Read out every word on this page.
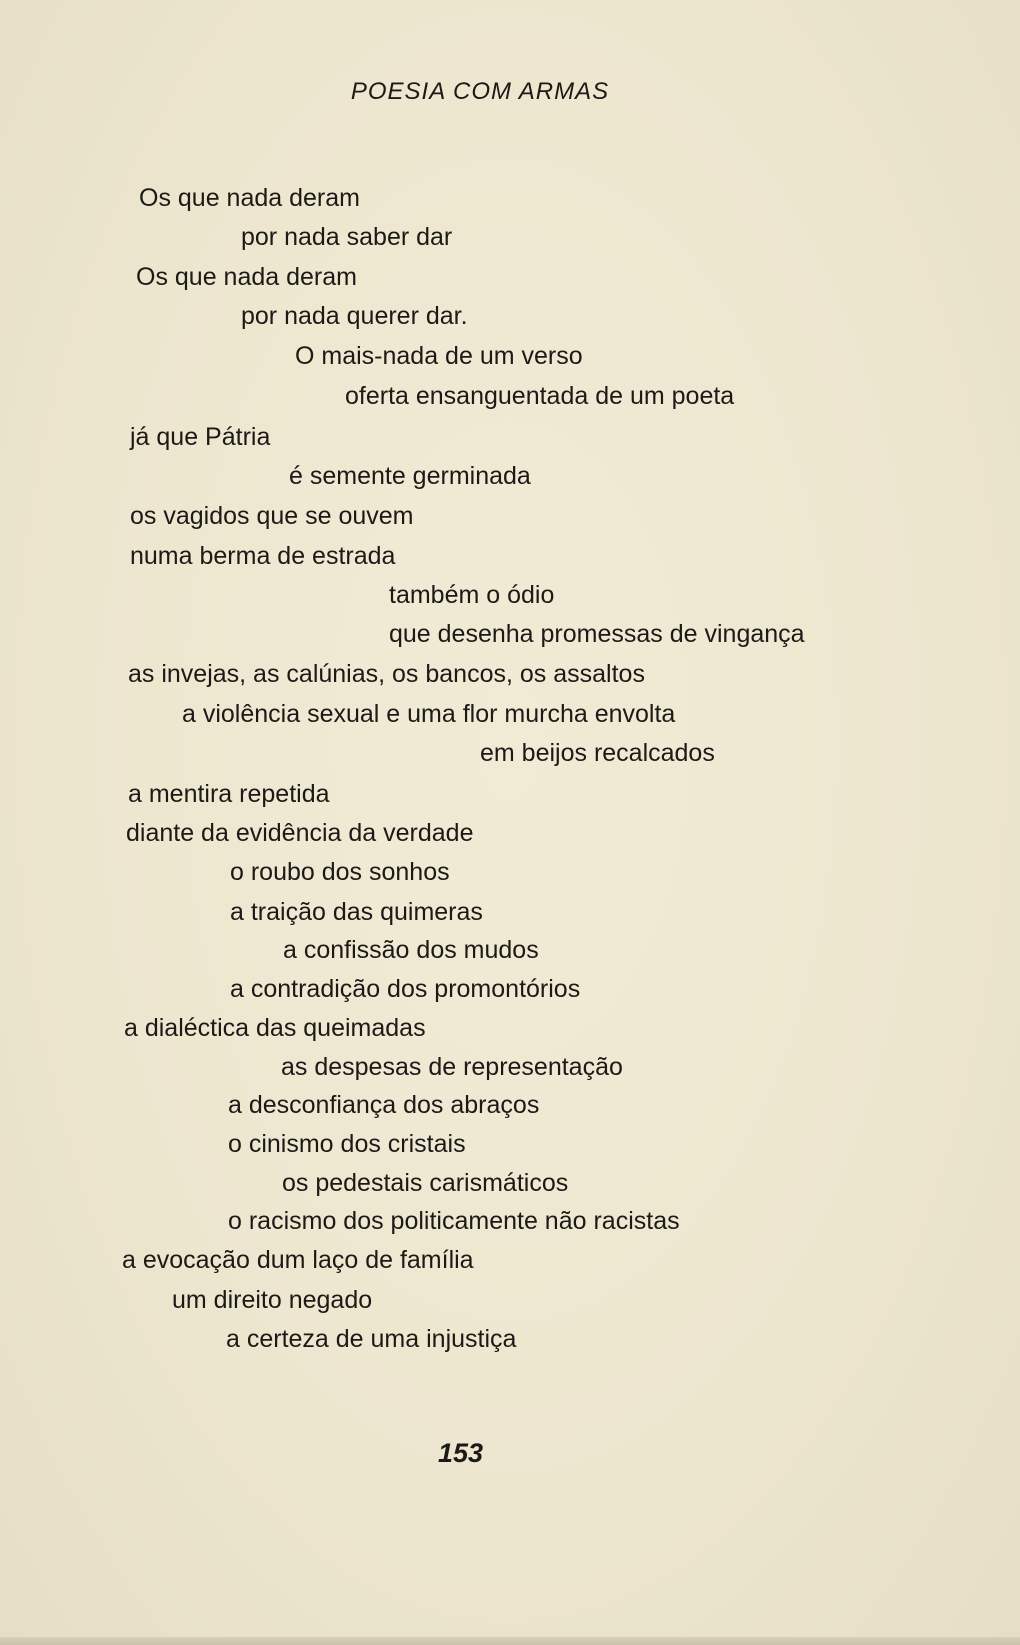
POESIA COM ARMAS
Os que nada deram
por nada saber dar
Os que nada deram
por nada querer dar.
O mais-nada de um verso
oferta ensanguentada de um poeta
já que Pátria
é semente germinada
os vagidos que se ouvem
numa berma de estrada
também o ódio
que desenha promessas de vingança
as invejas, as calúnias, os bancos, os assaltos
a violência sexual e uma flor murcha envolta
em beijos recalcados
a mentira repetida
diante da evidência da verdade
o roubo dos sonhos
a traição das quimeras
a confissão dos mudos
a contradição dos promontórios
a dialéctica das queimadas
as despesas de representação
a desconfiança dos abraços
o cinismo dos cristais
os pedestais carismáticos
o racismo dos politicamente não racistas
a evocação dum laço de família
um direito negado
a certeza de uma injustiça
153
